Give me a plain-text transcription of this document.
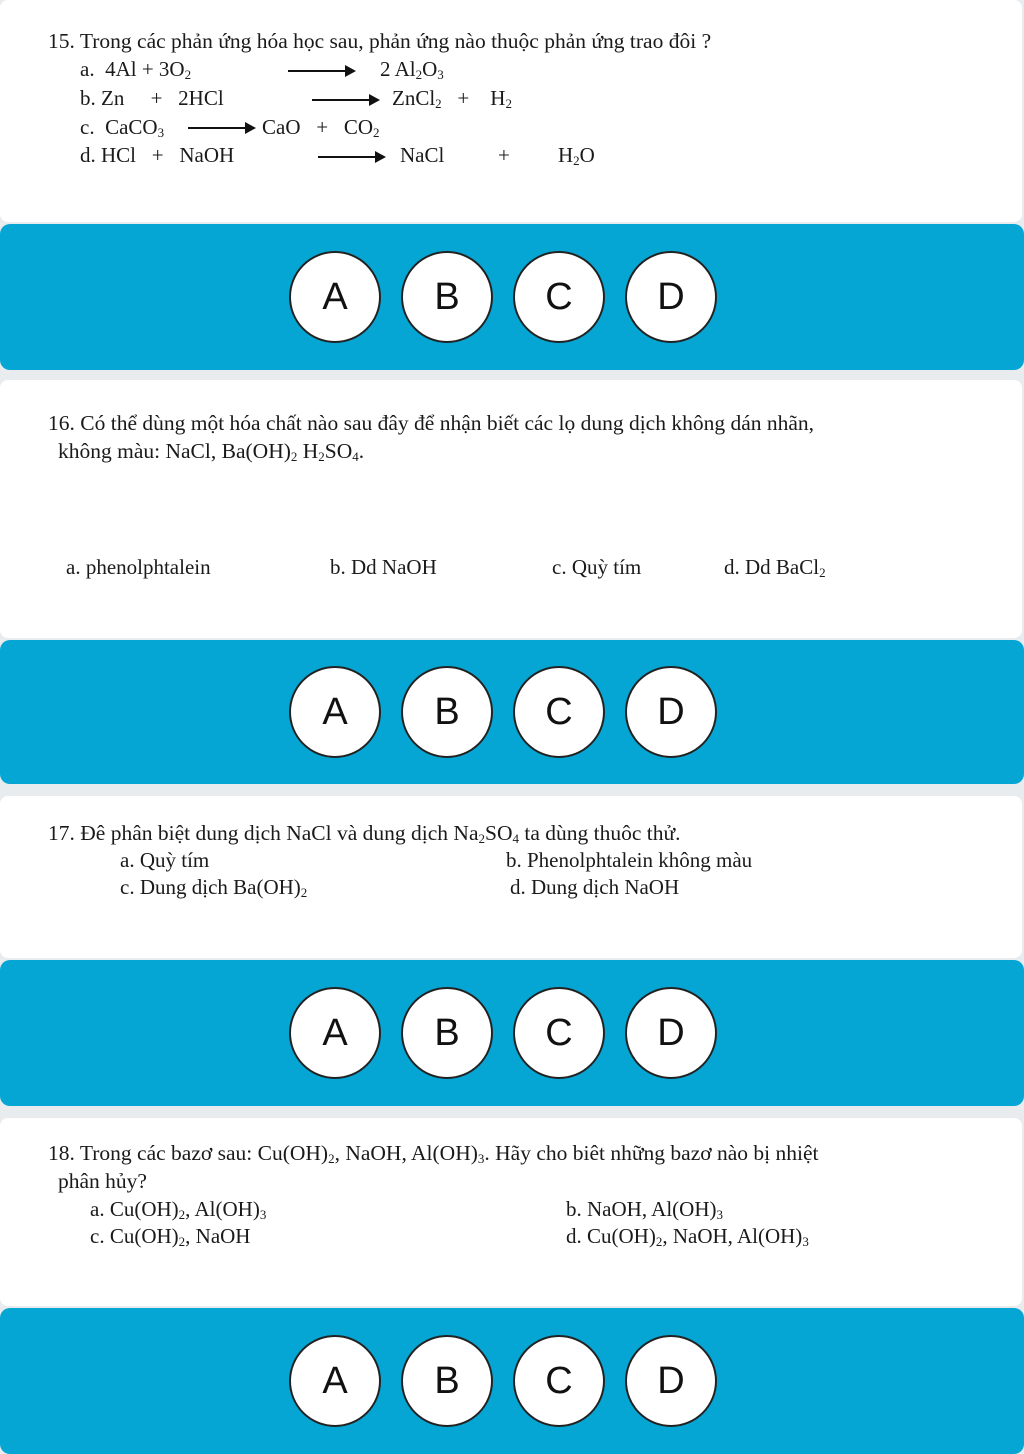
15. Trong các phản ứng hóa học sau, phản ứng nào thuộc phản ứng trao đôi ?
a. $4Al + 3O_2$	2 $Al_2O_3$
b. Zn     +   2HCl	ZnCl$_2$ +    $H_2$
c. CaCO$_3$	CaO   +   $CO_2$
d. HCl   +   NaOH	NaCl	+ $H_2O$
A	B	C	D
16. Có thể dùng một hóa chất nào sau đây để nhận biết các lọ dung dịch không dán nhãn,
không màu: NaCl, $Ba(OH)_2$ $H_2SO_4$.
a. phenolphtalein	b. Dd NaOH	c. Quỳ tím	d. Dd BaCl$_2$
A	B	C	D
17. Đê phân biệt dung dịch NaCl và dung dịch $Na_2SO_4$ ta dùng thuôc thử.
a. Quỳ tím	b. Phenolphtalein không màu
c. Dung dịch $Ba(OH)_2$	d. Dung dịch NaOH
A	B	C	D
18. Trong các bazơ sau: $Cu(OH)_2$, NaOH, $Al(OH)_3$. Hãy cho biêt những bazơ nào bị nhiệt
phân hủy?
a. $Cu(OH)_2$, $Al(OH)_3$	b. NaOH, $Al(OH)_3$
c. $Cu(OH)_2$, NaOH	d. $Cu(OH)_2$, NaOH, $Al(OH)_3$
A	B	C	D
